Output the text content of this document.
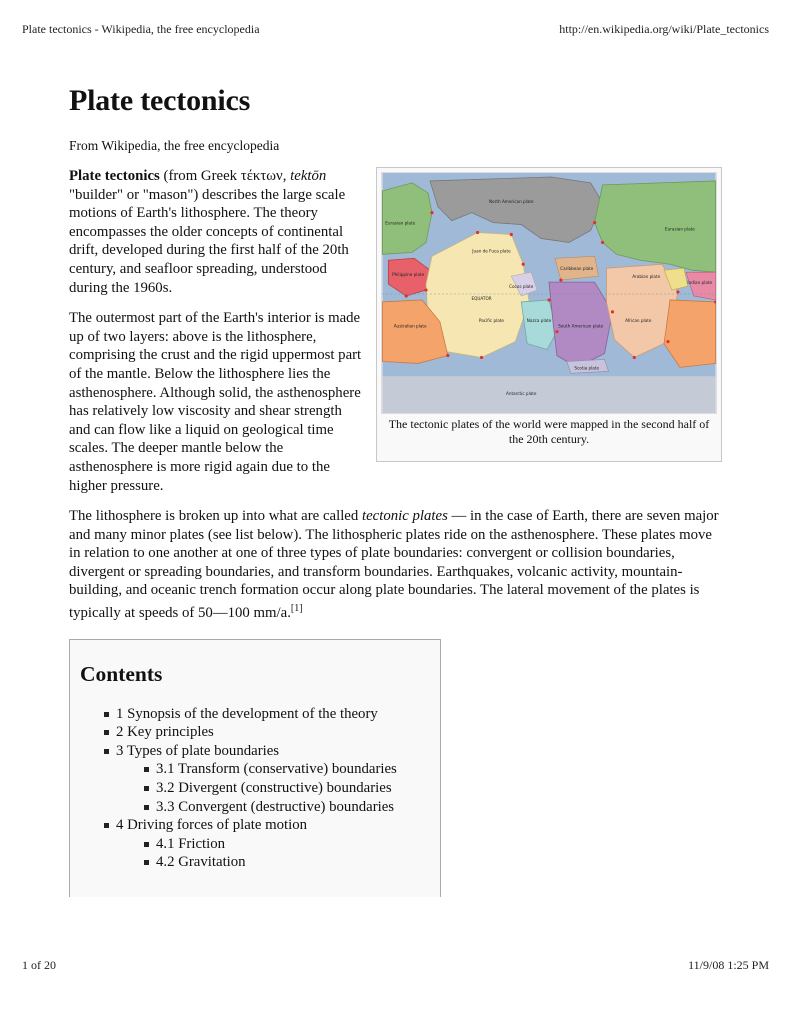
Plate tectonics - Wikipedia, the free encyclopedia	http://en.wikipedia.org/wiki/Plate_tectonics
Plate tectonics
From Wikipedia, the free encyclopedia
Eurasian plate
North American plate
Eurasian plate
Juan de Fuca plate
Philippine plate
Caribbean plate
Arabian plate
Indian plate
Cocos plate
EQUATOR
Australian plate
Pacific plate	Nazca plate
South American plate
African plate
Scotia plate
Antarctic plate
The tectonic plates of the world were mapped in the second half of the 20th century.

Plate tectonics (from Greek τέκτων, tektōn "builder" or "mason") describes the large scale motions of Earth's lithosphere. The theory encompasses the older concepts of continental drift, developed during the first half of the 20th century, and seafloor spreading, understood during the 1960s.

The outermost part of the Earth's interior is made up of two layers: above is the lithosphere, comprising the crust and the rigid uppermost part of the mantle. Below the lithosphere lies the asthenosphere. Although solid, the asthenosphere has relatively low viscosity and shear strength and can flow like a liquid on geological time scales. The deeper mantle below the asthenosphere is more rigid again due to the higher pressure.

The lithosphere is broken up into what are called tectonic plates — in the case of Earth, there are seven major and many minor plates (see list below). The lithospheric plates ride on the asthenosphere. These plates move in relation to one another at one of three types of plate boundaries: convergent or collision boundaries, divergent or spreading boundaries, and transform boundaries. Earthquakes, volcanic activity, mountain-building, and oceanic trench formation occur along plate boundaries. The lateral movement of the plates is typically at speeds of 50—100 mm/a.[1]

Contents
1 Synopsis of the development of the theory
2 Key principles
3 Types of plate boundaries
3.1 Transform (conservative) boundaries
3.2 Divergent (constructive) boundaries
3.3 Convergent (destructive) boundaries
4 Driving forces of plate motion
4.1 Friction
4.2 Gravitation
1 of 20	11/9/08 1:25 PM
